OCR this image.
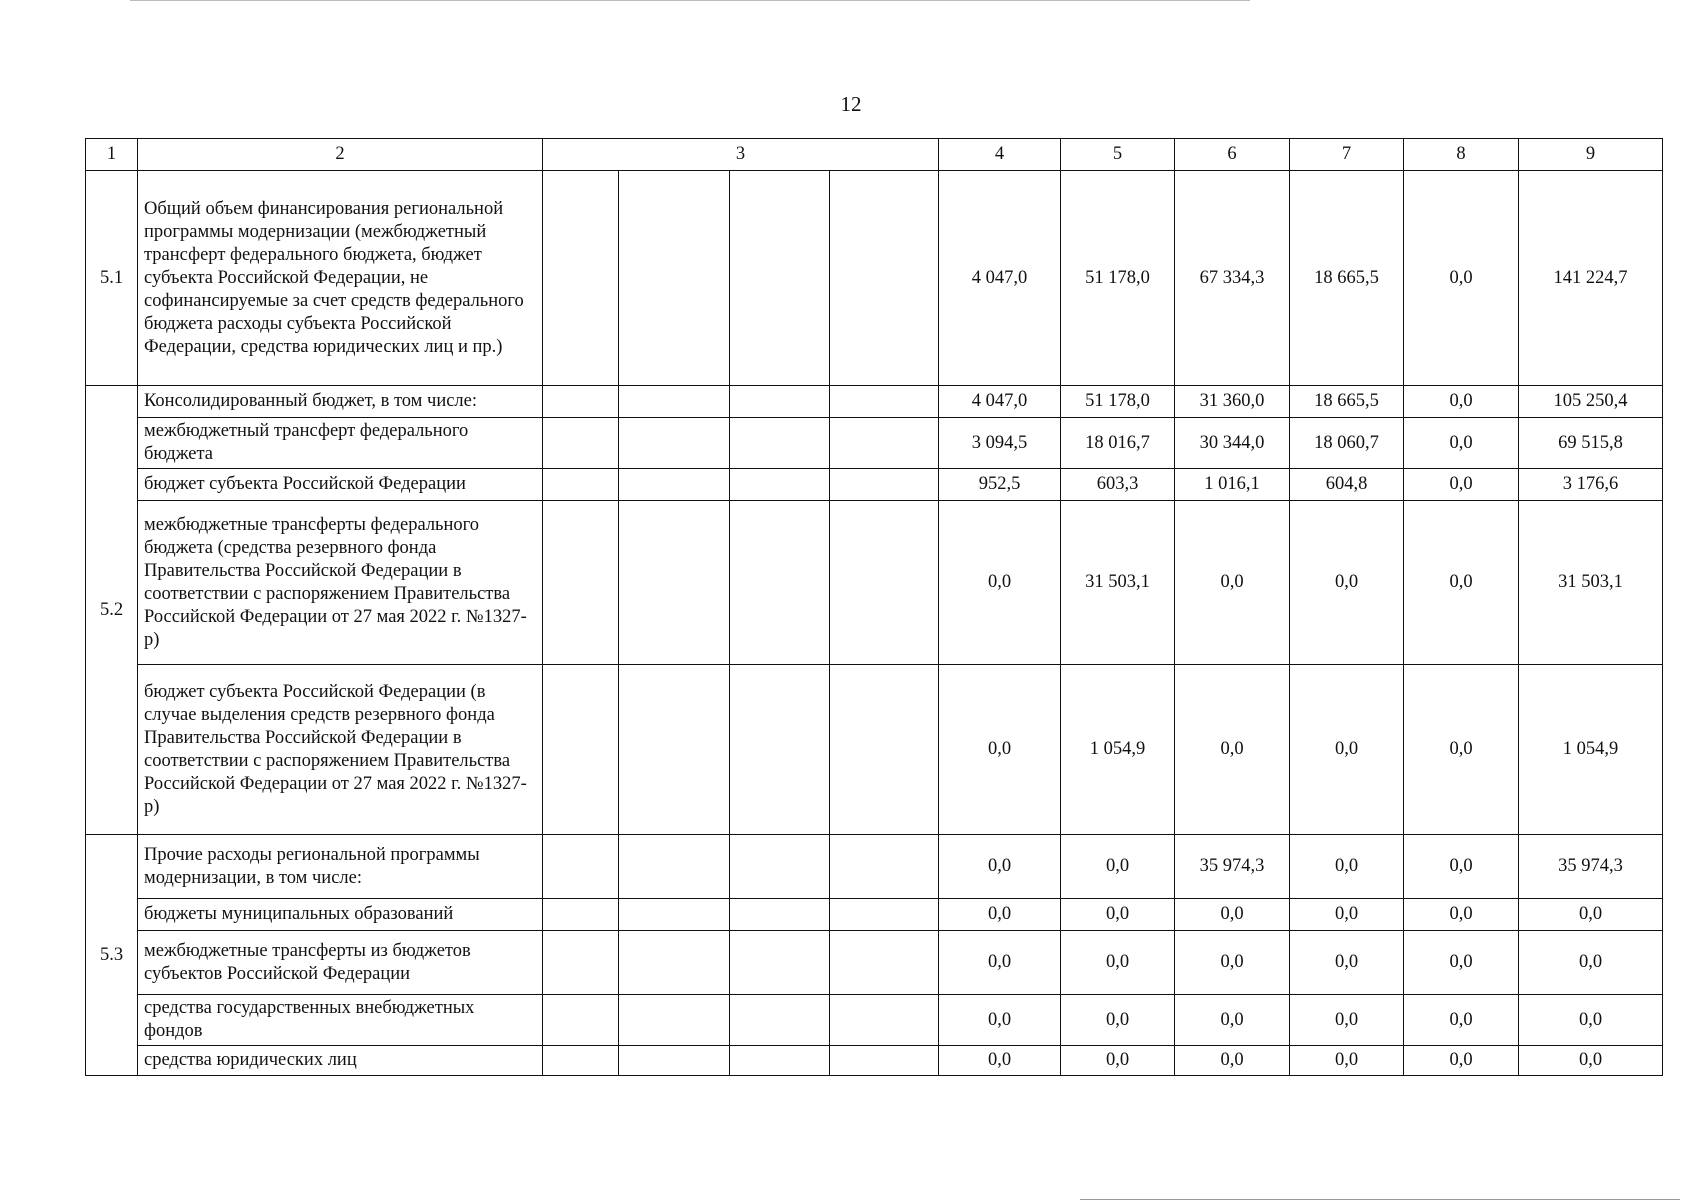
12
1	2	3				4	5	6	7	8	9
5.1	Общий объем финансирования региональной программы модернизации (межбюджетный трансферт федерального бюджета, бюджет субъекта Российской Федерации, не софинансируемые за счет средств федерального бюджета расходы субъекта Российской Федерации, средства юридических лиц и пр.)					4 047,0	51 178,0	67 334,3	18 665,5	0,0	141 224,7
5.2	Консолидированный бюджет, в том числе:					4 047,0	51 178,0	31 360,0	18 665,5	0,0	105 250,4
	межбюджетный трансферт федерального бюджета					3 094,5	18 016,7	30 344,0	18 060,7	0,0	69 515,8
	бюджет субъекта Российской Федерации					952,5	603,3	1 016,1	604,8	0,0	3 176,6
	межбюджетные трансферты федерального бюджета (средства резервного фонда Правительства Российской Федерации в соответствии с распоряжением Правительства Российской Федерации от 27 мая 2022 г. №1327-р)					0,0	31 503,1	0,0	0,0	0,0	31 503,1
	бюджет субъекта Российской Федерации (в случае выделения средств резервного фонда Правительства Российской Федерации в соответствии с распоряжением Правительства Российской Федерации от 27 мая 2022 г. №1327-р)					0,0	1 054,9	0,0	0,0	0,0	1 054,9
5.3	Прочие расходы региональной программы модернизации, в том числе:					0,0	0,0	35 974,3	0,0	0,0	35 974,3
	бюджеты муниципальных образований					0,0	0,0	0,0	0,0	0,0	0,0
	межбюджетные трансферты из бюджетов субъектов Российской Федерации					0,0	0,0	0,0	0,0	0,0	0,0
	средства государственных внебюджетных фондов					0,0	0,0	0,0	0,0	0,0	0,0
	средства юридических лиц					0,0	0,0	0,0	0,0	0,0	0,0
